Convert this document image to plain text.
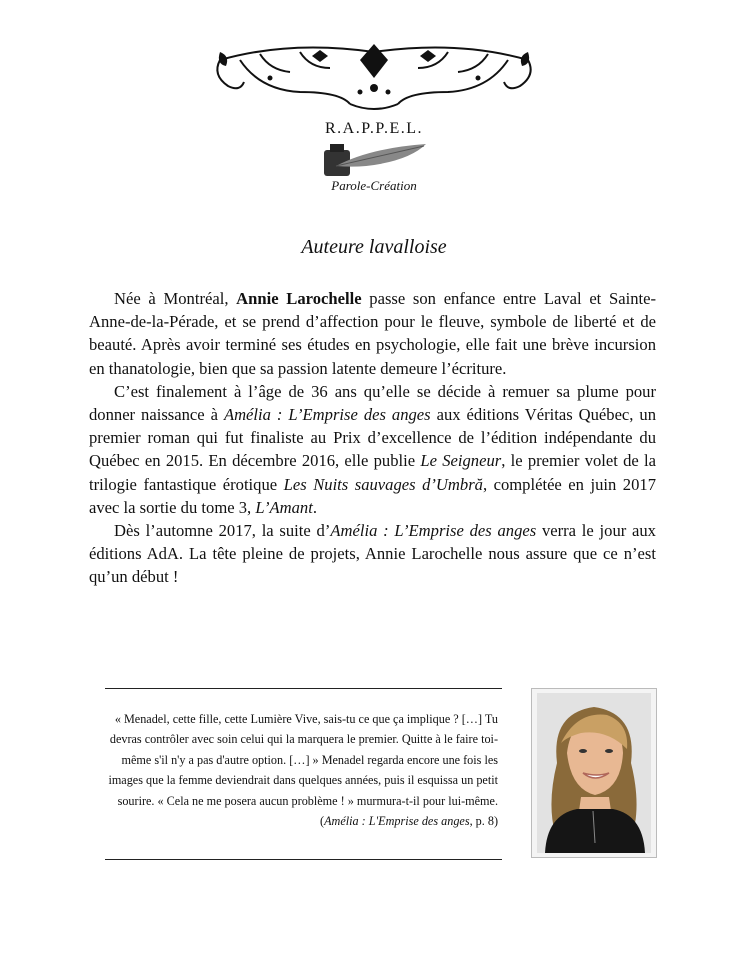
R.A.P.P.E.L.
Parole-Création
Auteure lavalloise

Née à Montréal, Annie Larochelle passe son enfance entre Laval et Sainte-Anne-de-la-Pérade, et se prend d’affection pour le fleuve, symbole de liberté et de beauté. Après avoir terminé ses études en psychologie, elle fait une brève incursion en thanatologie, bien que sa passion latente demeure l’écriture.

C’est finalement à l’âge de 36 ans qu’elle se décide à remuer sa plume pour donner naissance à Amélia : L’Emprise des anges aux éditions Véritas Québec, un premier roman qui fut finaliste au Prix d’excellence de l’édition indépendante du Québec en 2015. En décembre 2016, elle publie Le Seigneur, le premier volet de la trilogie fantastique érotique Les Nuits sauvages d’Umbră, complétée en juin 2017 avec la sortie du tome 3, L’Amant.

Dès l’automne 2017, la suite d’Amélia : L’Emprise des anges verra le jour aux éditions AdA. La tête pleine de projets, Annie Larochelle nous assure que ce n’est qu’un début !

« Menadel, cette fille, cette Lumière Vive, sais-tu ce que ça implique ? […] Tu devras contrôler avec soin celui qui la marquera le premier. Quitte à le faire toi-même s'il n'y a pas d'autre option. […] » Menadel regarda encore une fois les images que la femme deviendrait dans quelques années, puis il esquissa un petit sourire. « Cela ne me posera aucun problème ! » murmura-t-il pour lui-même. (Amélia : L'Emprise des anges, p. 8)
